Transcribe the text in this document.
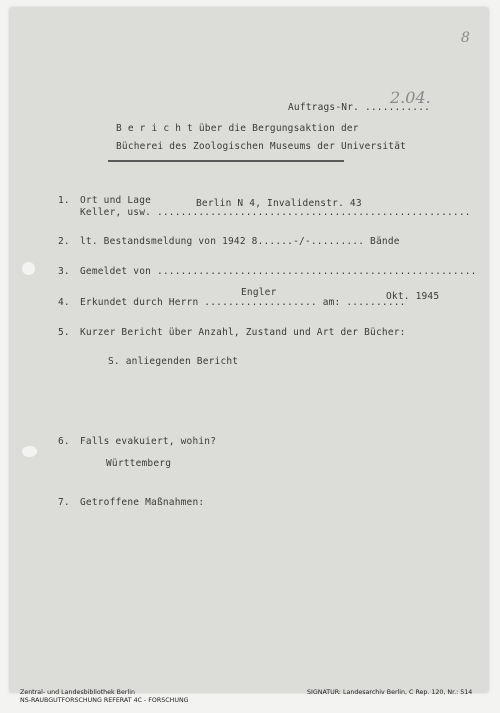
8
2.04.
Auftrags-Nr. ...........
B e r i c h t über die Bergungsaktion der
Bücherei des Zoologischen Museums der Universität
1. Ort und Lage
Keller, usw. .....................................................
Berlin N 4, Invalidenstr. 43
2. lt. Bestandsmeldung von 1942 8......-/-......... Bände
3. Gemeldet von ......................................................
4. Erkundet durch Herrn ................... am: ..........
Engler	Okt. 1945
5. Kurzer Bericht über Anzahl, Zustand und Art der Bücher:
S. anliegenden Bericht
6. Falls evakuiert, wohin?
Württemberg
7. Getroffene Maßnahmen:
Zentral- und Landesbibliothek Berlin
NS-RAUBGUTFORSCHUNG REFERAT 4C - FORSCHUNG
SIGNATUR: Landesarchiv Berlin, C Rep. 120, Nr.: 514
